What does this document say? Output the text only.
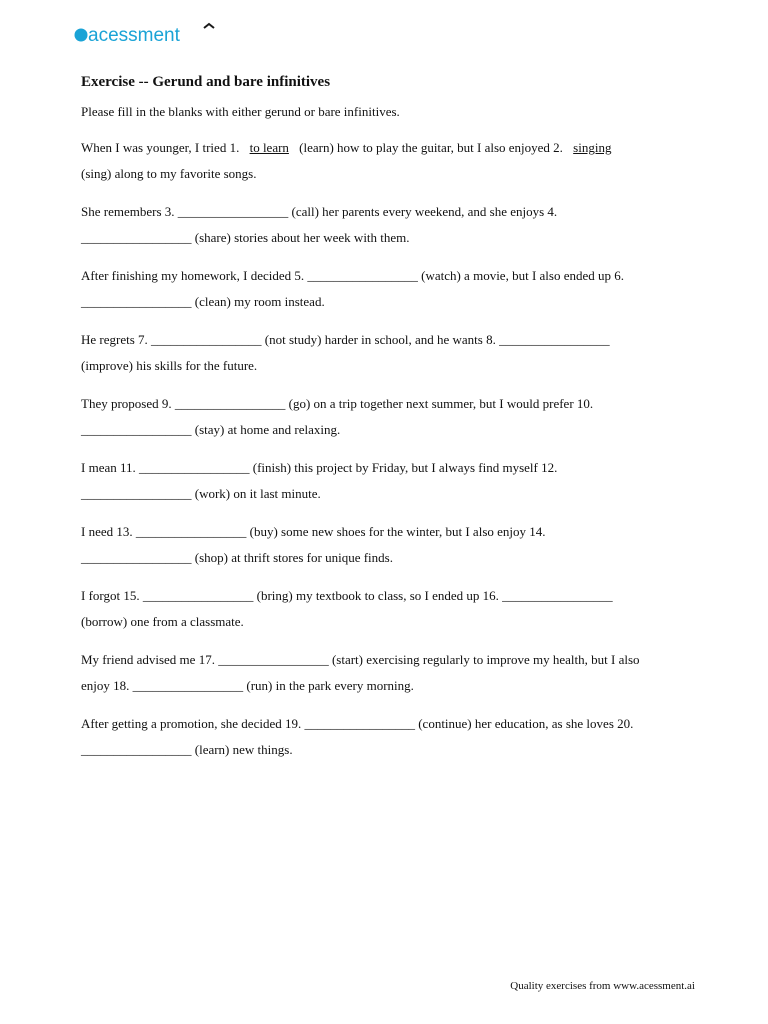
acessment
Exercise -- Gerund and bare infinitives

Please fill in the blanks with either gerund or bare infinitives.

When I was younger, I tried 1. to learn (learn) how to play the guitar, but I also enjoyed 2. singing

(sing) along to my favorite songs.

She remembers 3. _________________ (call) her parents every weekend, and she enjoys 4.

_________________ (share) stories about her week with them.

After finishing my homework, I decided 5. _________________ (watch) a movie, but I also ended up 6.

_________________ (clean) my room instead.

He regrets 7. _________________ (not study) harder in school, and he wants 8. _________________

(improve) his skills for the future.

They proposed 9. _________________ (go) on a trip together next summer, but I would prefer 10.

_________________ (stay) at home and relaxing.

I mean 11. _________________ (finish) this project by Friday, but I always find myself 12.

_________________ (work) on it last minute.

I need 13. _________________ (buy) some new shoes for the winter, but I also enjoy 14.

_________________ (shop) at thrift stores for unique finds.

I forgot 15. _________________ (bring) my textbook to class, so I ended up 16. _________________

(borrow) one from a classmate.

My friend advised me 17. _________________ (start) exercising regularly to improve my health, but I also

enjoy 18. _________________ (run) in the park every morning.

After getting a promotion, she decided 19. _________________ (continue) her education, as she loves 20.

_________________ (learn) new things.

Quality exercises from www.acessment.ai
